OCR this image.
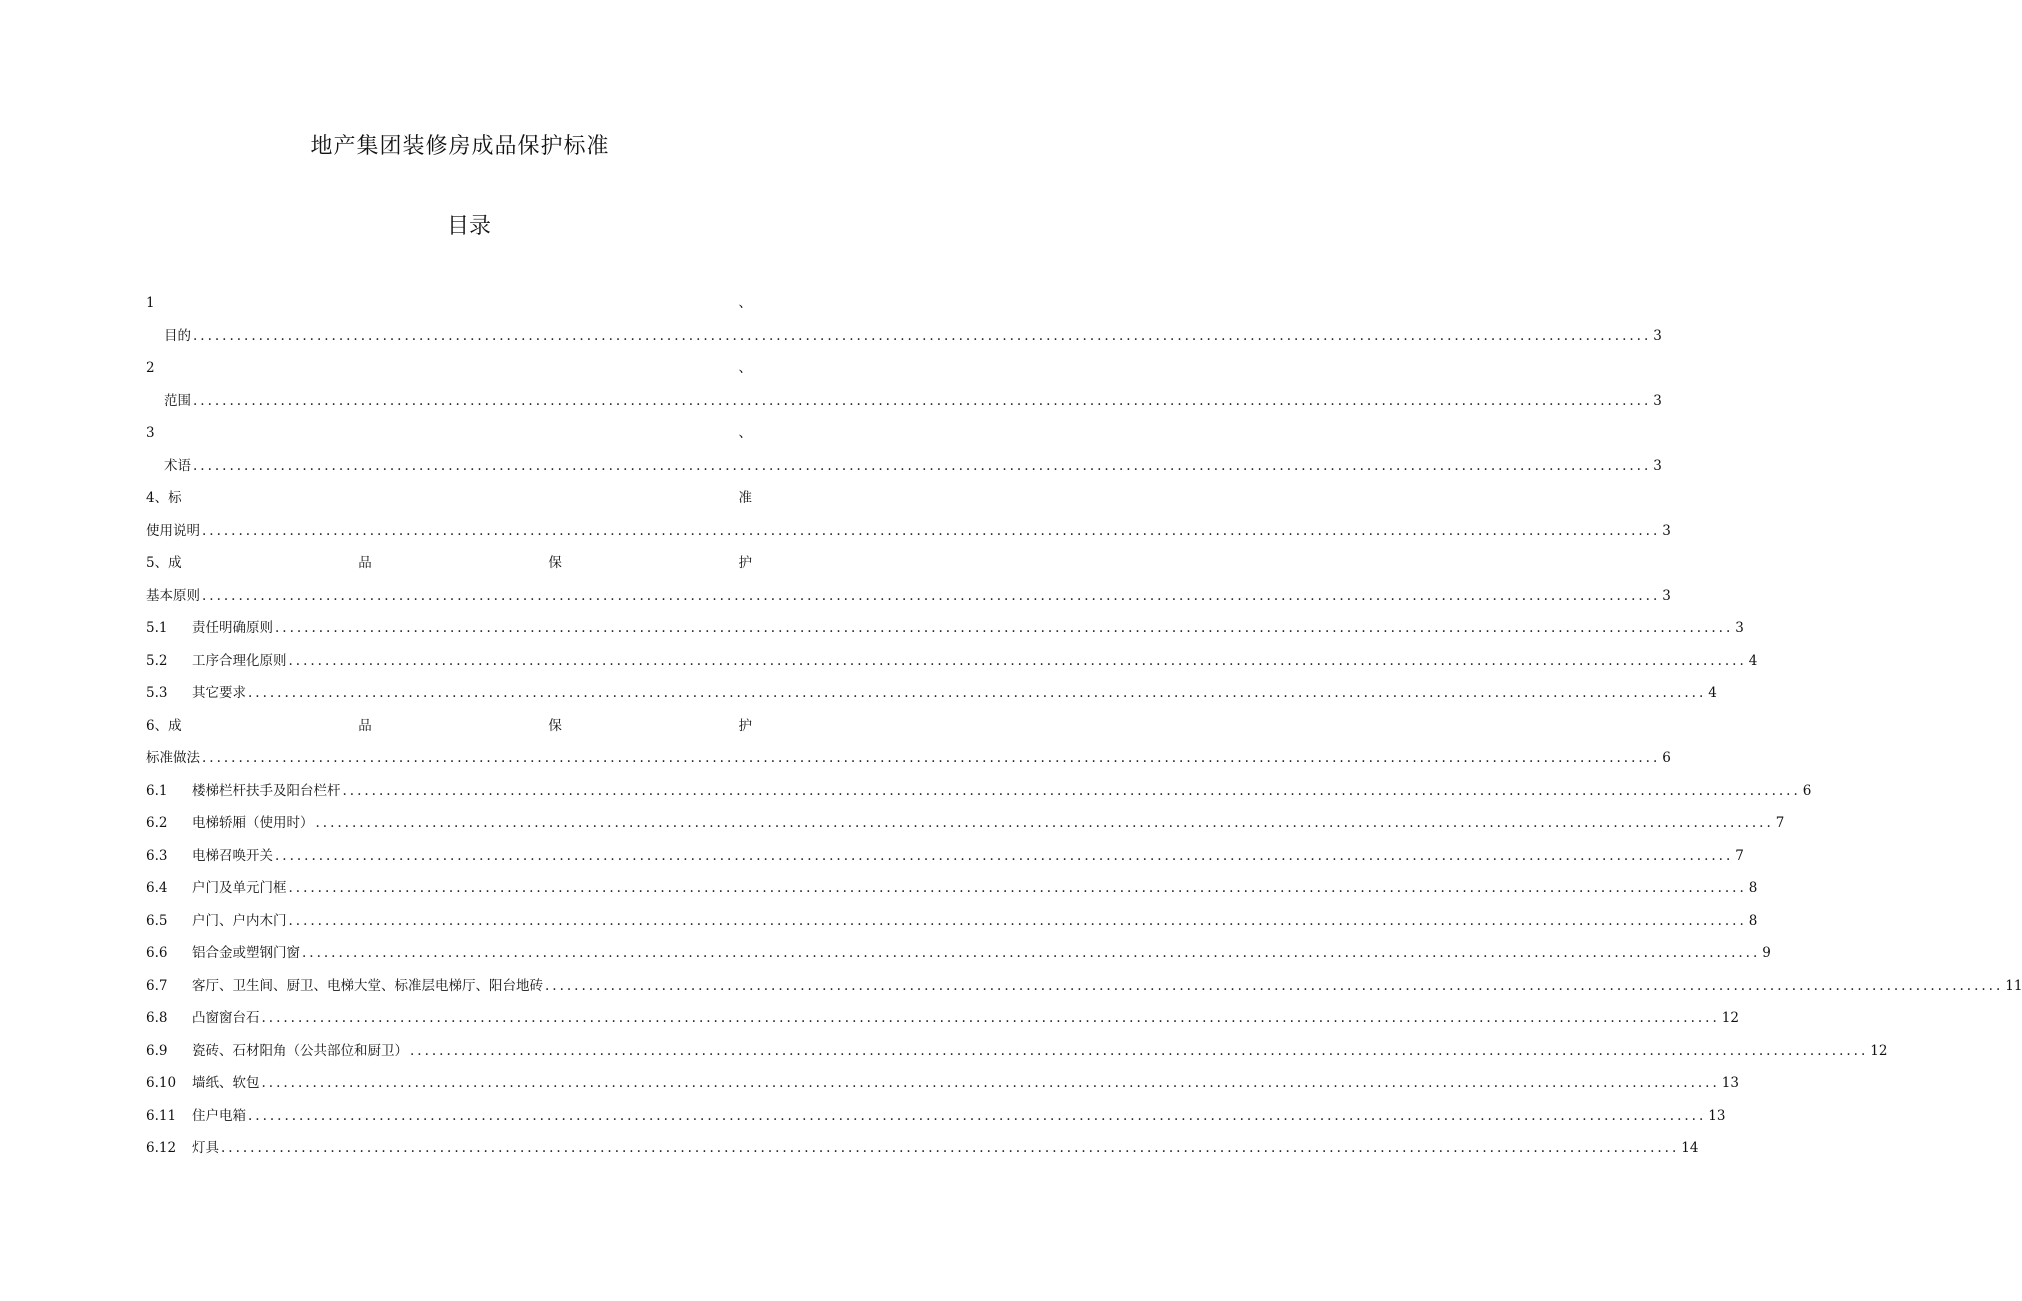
地产集团装修房成品保护标准
目录
1	、
目的 ........................................................................................................................................................................................................ 3
2	、
范围 ........................................................................................................................................................................................................ 3
3	、
术语 ........................................................................................................................................................................................................ 3
4、标	准
使用说明 ........................................................................................................................................................................................................ 3
5、成	品	保	护
基本原则 ........................................................................................................................................................................................................ 3
5.1	责任明确原则 ........................................................................................................................................................................................................ 3
5.2	工序合理化原则 ........................................................................................................................................................................................................ 4
5.3	其它要求 ........................................................................................................................................................................................................ 4
6、成	品	保	护
标准做法 ........................................................................................................................................................................................................ 6
6.1	楼梯栏杆扶手及阳台栏杆 ........................................................................................................................................................................................................ 6
6.2	电梯轿厢（使用时） ........................................................................................................................................................................................................ 7
6.3	电梯召唤开关 ........................................................................................................................................................................................................ 7
6.4	户门及单元门框 ........................................................................................................................................................................................................ 8
6.5	户门、户内木门 ........................................................................................................................................................................................................ 8
6.6	铝合金或塑钢门窗 ........................................................................................................................................................................................................ 9
6.7	客厅、卫生间、厨卫、电梯大堂、标准层电梯厅、阳台地砖 ........................................................................................................................................................................................................ 11
6.8	凸窗窗台石 ........................................................................................................................................................................................................ 12
6.9	瓷砖、石材阳角（公共部位和厨卫） ........................................................................................................................................................................................................ 12
6.10	墙纸、软包 ........................................................................................................................................................................................................ 13
6.11	住户电箱 ........................................................................................................................................................................................................ 13
6.12	灯具 ........................................................................................................................................................................................................ 14
